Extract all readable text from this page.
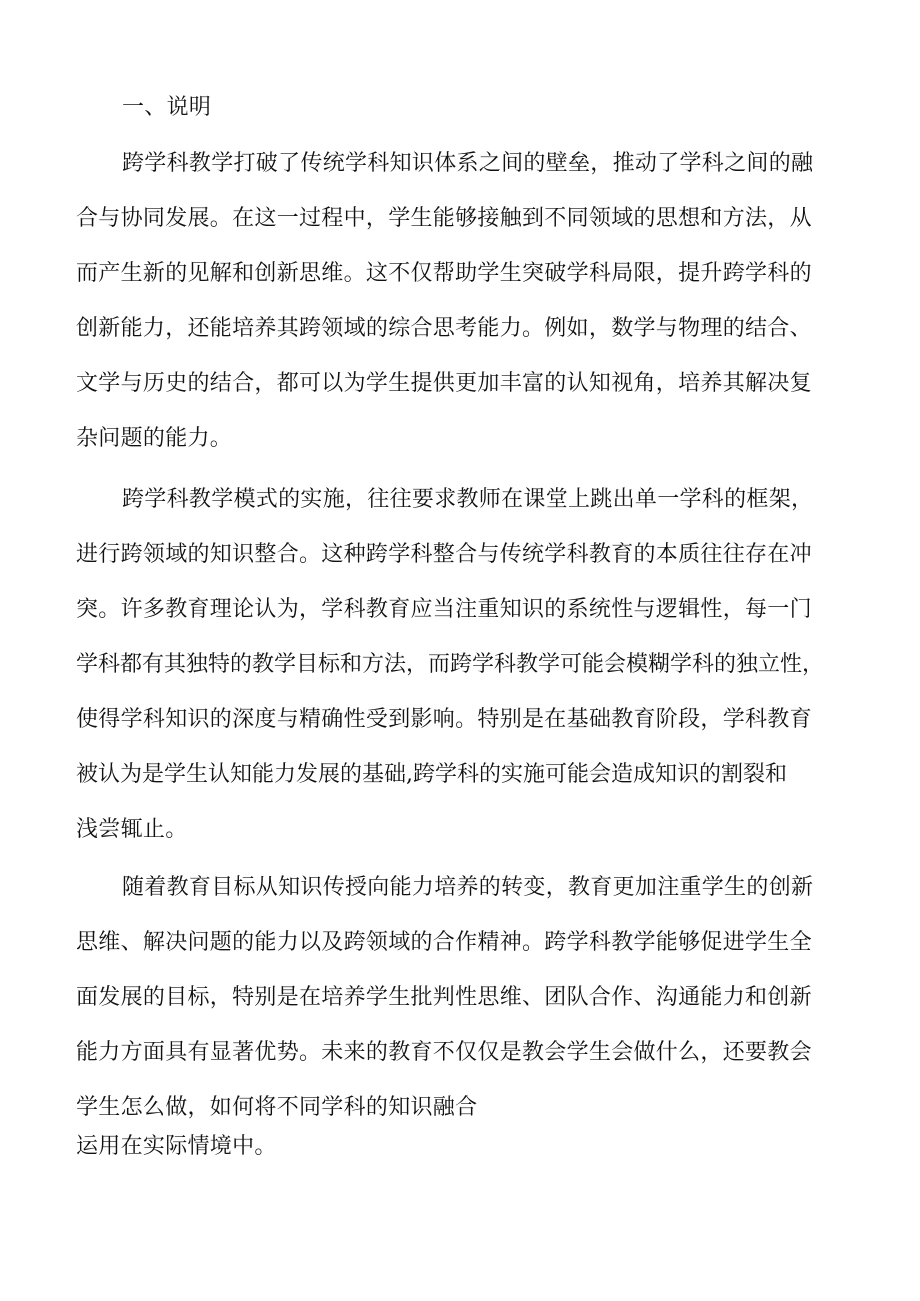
一、说明
跨学科教学打破了传统学科知识体系之间的壁垒，推动了学科之间的融
合与协同发展。在这一过程中，学生能够接触到不同领域的思想和方法，从
而产生新的见解和创新思维。这不仅帮助学生突破学科局限，提升跨学科的
创新能力，还能培养其跨领域的综合思考能力。例如，数学与物理的结合、
文学与历史的结合，都可以为学生提供更加丰富的认知视角，培养其解决复
杂问题的能力。
跨学科教学模式的实施，往往要求教师在课堂上跳出单一学科的框架，
进行跨领域的知识整合。这种跨学科整合与传统学科教育的本质往往存在冲
突。许多教育理论认为，学科教育应当注重知识的系统性与逻辑性，每一门
学科都有其独特的教学目标和方法，而跨学科教学可能会模糊学科的独立性，
使得学科知识的深度与精确性受到影响。特别是在基础教育阶段，学科教育
被认为是学生认知能力发展的基础,跨学科的实施可能会造成知识的割裂和
浅尝辄止。
随着教育目标从知识传授向能力培养的转变，教育更加注重学生的创新
思维、解决问题的能力以及跨领域的合作精神。跨学科教学能够促进学生全
面发展的目标，特别是在培养学生批判性思维、团队合作、沟通能力和创新
能力方面具有显著优势。未来的教育不仅仅是教会学生会做什么，还要教会
学生怎么做，如何将不同学科的知识融合
运用在实际情境中。
